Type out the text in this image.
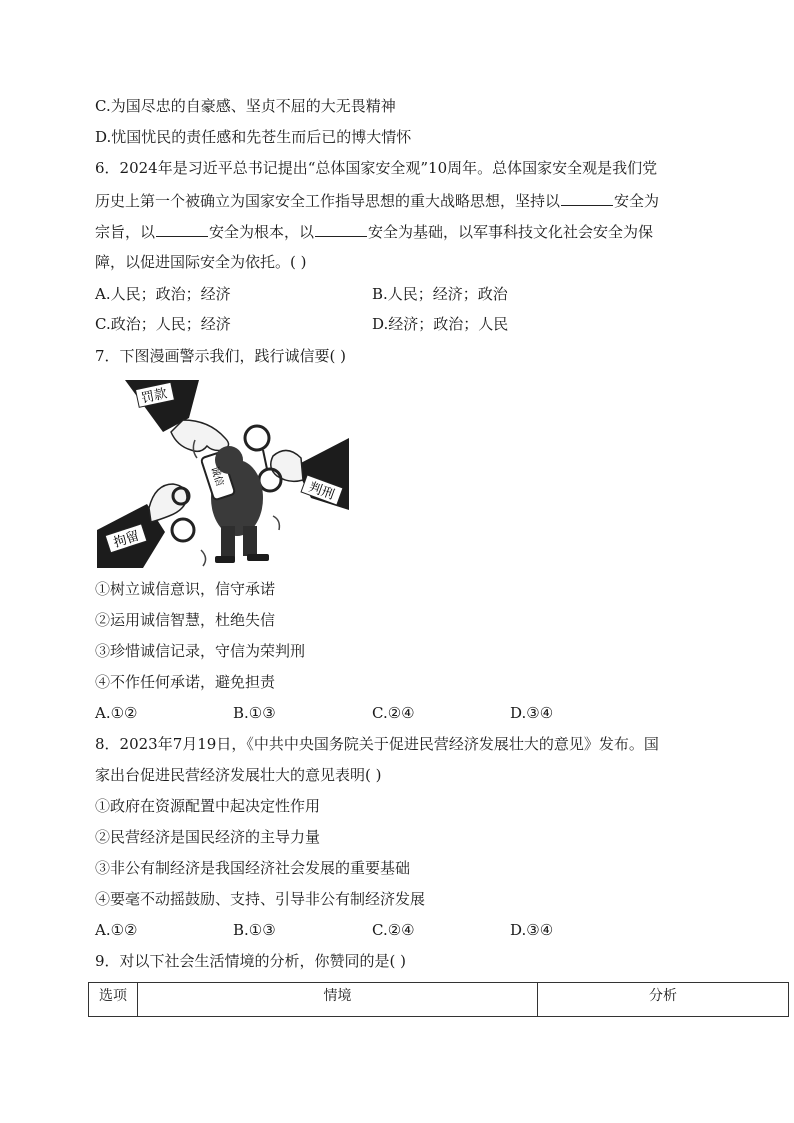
C.为国尽忠的自豪感、坚贞不屈的大无畏精神
D.忧国忧民的责任感和先苍生而后已的博大情怀
6．2024年是习近平总书记提出“总体国家安全观”10周年。总体国家安全观是我们党
历史上第一个被确立为国家安全工作指导思想的重大战略思想，坚持以	安全为
宗旨，以	安全为根本，以	安全为基础，以军事科技文化社会安全为保
障，以促进国际安全为依托。( )
A.人民；政治；经济	B.人民；经济；政治
C.政治；人民；经济	D.经济；政治；人民
7．下图漫画警示我们，践行诚信要( )
罚款
判刑
拘留
诚信
①树立诚信意识，信守承诺
②运用诚信智慧，杜绝失信
③珍惜诚信记录，守信为荣判刑
④不作任何承诺，避免担责
A.①②	B.①③	C.②④	D.③④
8．2023年7月19日，《中共中央国务院关于促进民营经济发展壮大的意见》发布。国
家出台促进民营经济发展壮大的意见表明( )
①政府在资源配置中起决定性作用
②民营经济是国民经济的主导力量
③非公有制经济是我国经济社会发展的重要基础
④要毫不动摇鼓励、支持、引导非公有制经济发展
A.①②	B.①③	C.②④	D.③④
9．对以下社会生活情境的分析，你赞同的是( )
选项	情境	分析
